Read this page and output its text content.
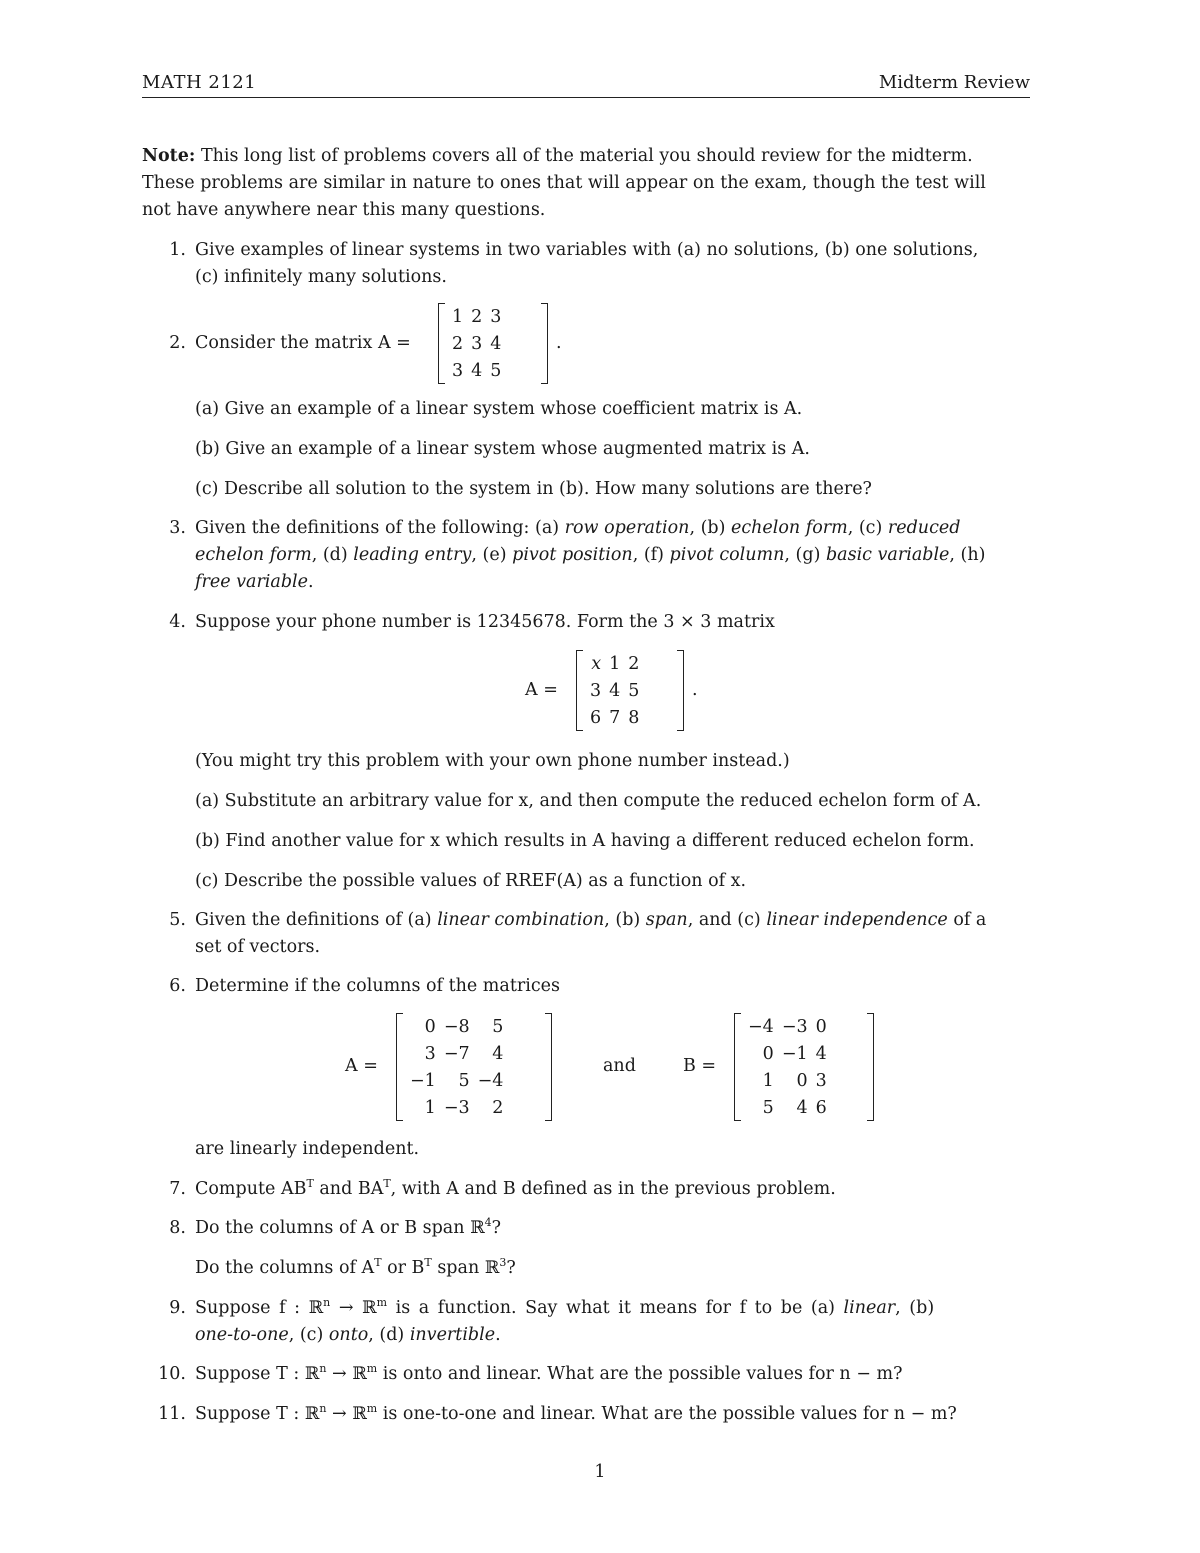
MATH 2121	Midterm Review
Note: This long list of problems covers all of the material you should review for the midterm.
These problems are similar in nature to ones that will appear on the exam, though the test will
not have anywhere near this many questions.
1. Give examples of linear systems in two variables with (a) no solutions, (b) one solutions,
(c) infinitely many solutions.
2. Consider the matrix A =
1	2	3
2	3	4
3	4	5
.
(a) Give an example of a linear system whose coefficient matrix is A.
(b) Give an example of a linear system whose augmented matrix is A.
(c) Describe all solution to the system in (b). How many solutions are there?
3. Given the definitions of the following: (a) row operation, (b) echelon form, (c) reduced
echelon form, (d) leading entry, (e) pivot position, (f) pivot column, (g) basic variable, (h)
free variable.
4. Suppose your phone number is 12345678. Form the 3 × 3 matrix
A =
x	1	2
3	4	5
6	7	8
.
(You might try this problem with your own phone number instead.)
(a) Substitute an arbitrary value for x, and then compute the reduced echelon form of A.
(b) Find another value for x which results in A having a different reduced echelon form.
(c) Describe the possible values of RREF(A) as a function of x.
5. Given the definitions of (a) linear combination, (b) span, and (c) linear independence of a
set of vectors.
6. Determine if the columns of the matrices
A =
0	−8	5
3	−7	4
−1	5	−4
1	−3	2
and	B =
−4	−3	0
0	−1	4
1	0	3
5	4	6
are linearly independent.
7. Compute $AB^T$ and $BA^T$, with A and B defined as in the previous problem.
8. Do the columns of A or B span ℝ$^4$?
Do the columns of $A^T$ or $B^T$ span ℝ$^3$?
9. Suppose f : ℝ$^n$ → ℝ$^m$ is a function. Say what it means for f to be (a) linear, (b)
one-to-one, (c) onto, (d) invertible.
10. Suppose T : ℝ$^n$ → ℝ$^m$ is onto and linear. What are the possible values for n − m?
11. Suppose T : ℝ$^n$ → ℝ$^m$ is one-to-one and linear. What are the possible values for n − m?
1
